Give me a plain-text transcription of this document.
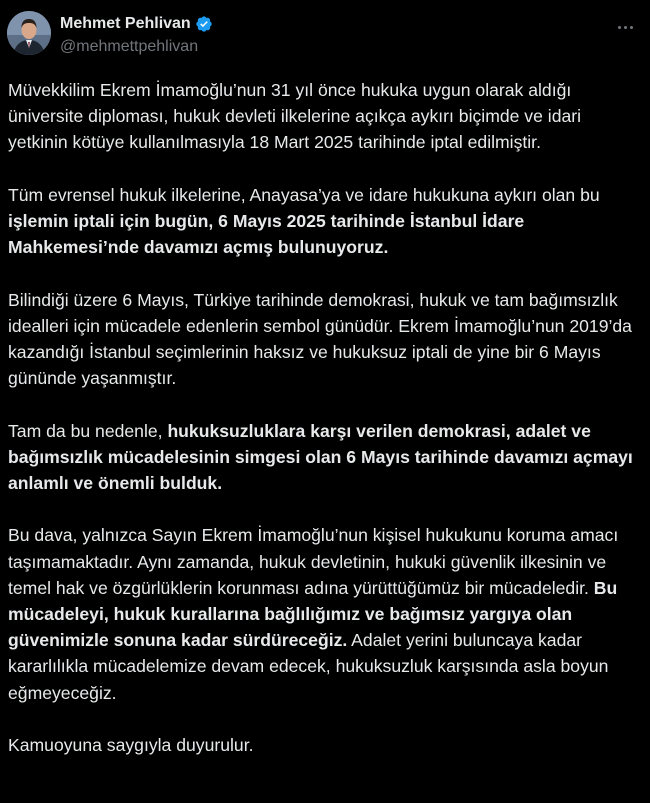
Mehmet Pehlivan
@mehmettpehlivan

Müvekkilim Ekrem İmamoğlu’nun 31 yıl önce hukuka uygun olarak aldığı üniversite diploması, hukuk devleti ilkelerine açıkça aykırı biçimde ve idari yetkinin kötüye kullanılmasıyla 18 Mart 2025 tarihinde iptal edilmiştir.

Tüm evrensel hukuk ilkelerine, Anayasa’ya ve idare hukukuna aykırı olan bu işlemin iptali için bugün, 6 Mayıs 2025 tarihinde İstanbul İdare Mahkemesi’nde davamızı açmış bulunuyoruz.

Bilindiği üzere 6 Mayıs, Türkiye tarihinde demokrasi, hukuk ve tam bağımsızlık idealleri için mücadele edenlerin sembol günüdür. Ekrem İmamoğlu’nun 2019’da kazandığı İstanbul seçimlerinin haksız ve hukuksuz iptali de yine bir 6 Mayıs gününde yaşanmıştır.

Tam da bu nedenle, hukuksuzluklara karşı verilen demokrasi, adalet ve bağımsızlık mücadelesinin simgesi olan 6 Mayıs tarihinde davamızı açmayı anlamlı ve önemli bulduk.

Bu dava, yalnızca Sayın Ekrem İmamoğlu’nun kişisel hukukunu koruma amacı taşımamaktadır. Aynı zamanda, hukuk devletinin, hukuki güvenlik ilkesinin ve temel hak ve özgürlüklerin korunması adına yürüttüğümüz bir mücadeledir. Bu mücadeleyi, hukuk kurallarına bağlılığımız ve bağımsız yargıya olan güvenimizle sonuna kadar sürdüreceğiz. Adalet yerini buluncaya kadar kararlılıkla mücadelemize devam edecek, hukuksuzluk karşısında asla boyun eğmeyeceğiz.

Kamuoyuna saygıyla duyurulur.
